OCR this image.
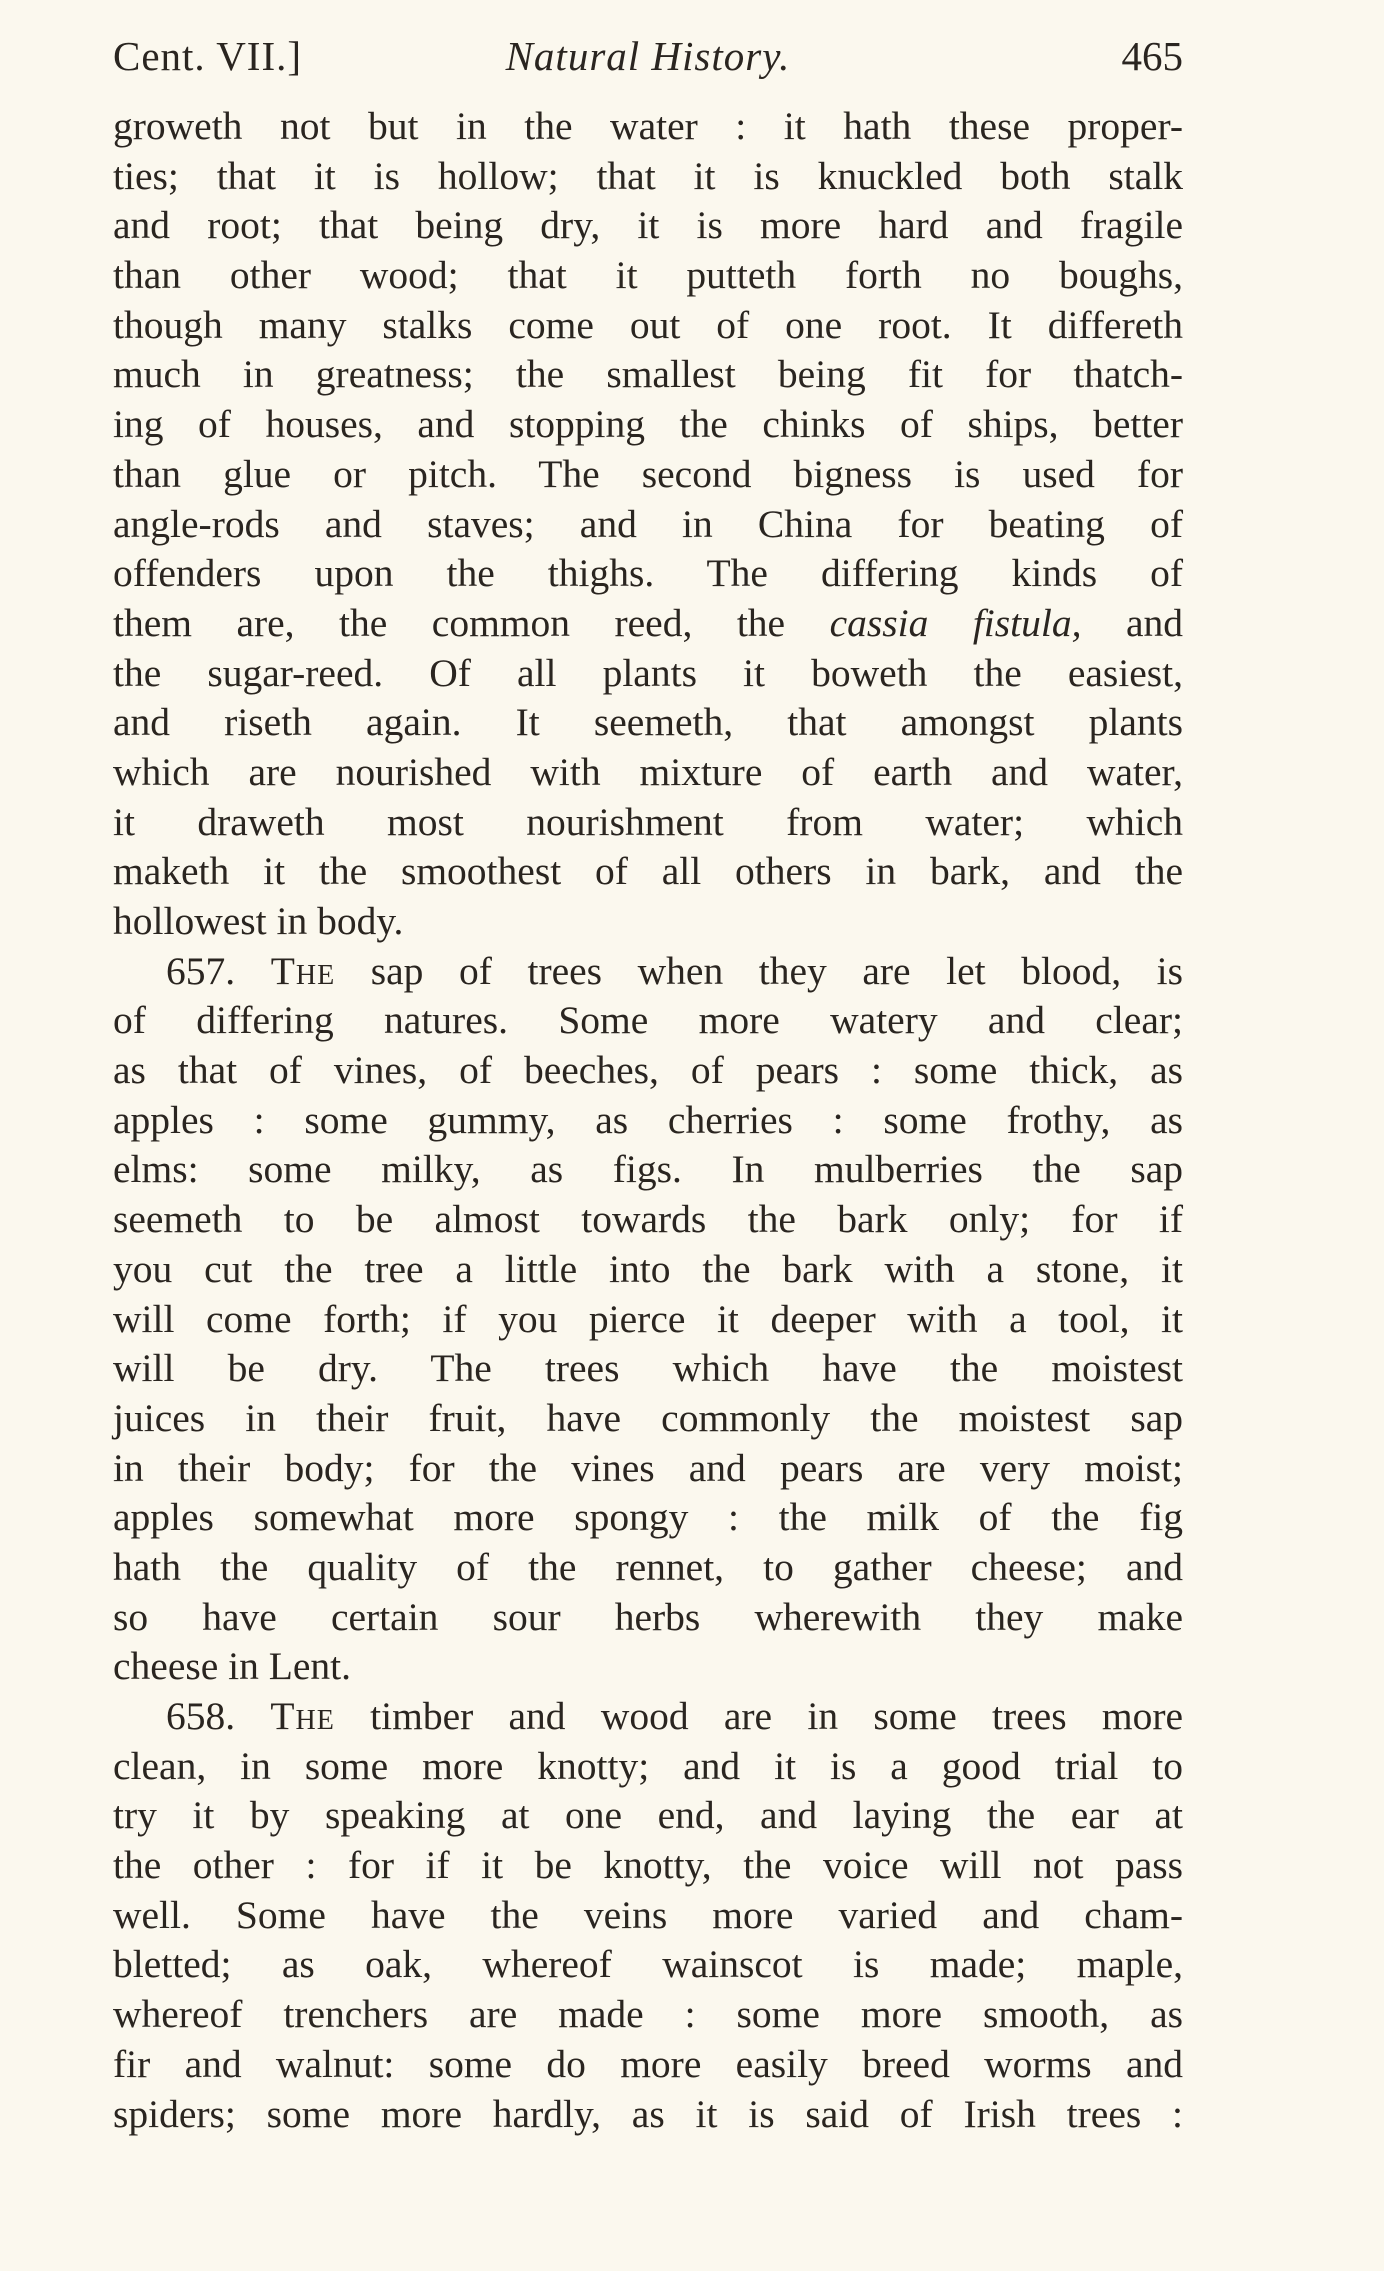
Cent. VII.]	Natural History.	465
groweth not but in the water : it hath these proper-
ties; that it is hollow; that it is knuckled both stalk
and root; that being dry, it is more hard and fragile
than other wood; that it putteth forth no boughs,
though many stalks come out of one root. It differeth
much in greatness; the smallest being fit for thatch-
ing of houses, and stopping the chinks of ships, better
than glue or pitch. The second bigness is used for
angle-rods and staves; and in China for beating of
offenders upon the thighs. The differing kinds of
them are, the common reed, the cassia fistula, and
the sugar-reed. Of all plants it boweth the easiest,
and riseth again. It seemeth, that amongst plants
which are nourished with mixture of earth and water,
it draweth most nourishment from water; which
maketh it the smoothest of all others in bark, and the
hollowest in body.
657. The sap of trees when they are let blood, is
of differing natures. Some more watery and clear;
as that of vines, of beeches, of pears : some thick, as
apples : some gummy, as cherries : some frothy, as
elms: some milky, as figs. In mulberries the sap
seemeth to be almost towards the bark only; for if
you cut the tree a little into the bark with a stone, it
will come forth; if you pierce it deeper with a tool, it
will be dry. The trees which have the moistest
juices in their fruit, have commonly the moistest sap
in their body; for the vines and pears are very moist;
apples somewhat more spongy : the milk of the fig
hath the quality of the rennet, to gather cheese; and
so have certain sour herbs wherewith they make
cheese in Lent.
658. The timber and wood are in some trees more
clean, in some more knotty; and it is a good trial to
try it by speaking at one end, and laying the ear at
the other : for if it be knotty, the voice will not pass
well. Some have the veins more varied and cham-
bletted; as oak, whereof wainscot is made; maple,
whereof trenchers are made : some more smooth, as
fir and walnut: some do more easily breed worms and
spiders; some more hardly, as it is said of Irish trees :
